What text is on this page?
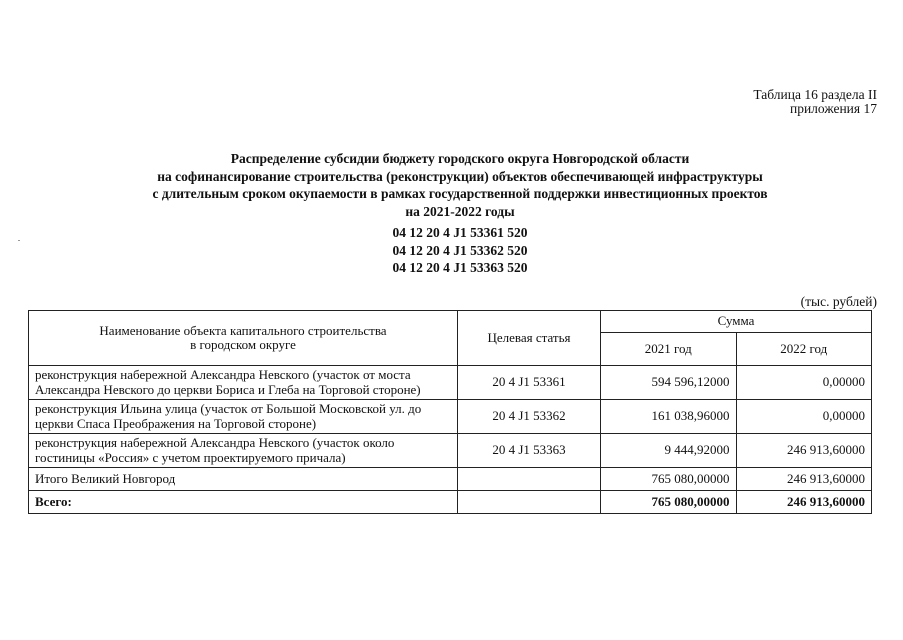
Таблица 16 раздела II
приложения 17
Распределение субсидии бюджету городского округа Новгородской области
на софинансирование строительства (реконструкции) объектов обеспечивающей инфраструктуры
с длительным сроком окупаемости в рамках государственной поддержки инвестиционных проектов
на 2021-2022 годы
04 12 20 4 J1 53361 520
04 12 20 4 J1 53362 520
04 12 20 4 J1 53363 520
(тыс. рублей)
Наименование объекта капитального строительства
в городском округе	Целевая статья	Сумма	
		2021 год	2022 год
реконструкция набережной Александра Невского (участок от моста Александра Невского до церкви Бориса и Глеба на Торговой стороне)	20 4 J1 53361	594 596,12000	0,00000
реконструкция Ильина улица (участок от Большой Московской ул. до церкви Спаса Преображения на Торговой стороне)	20 4 J1 53362	161 038,96000	0,00000
реконструкция набережной Александра Невского (участок около гостиницы «Россия» с учетом проектируемого причала)	20 4 J1 53363	9 444,92000	246 913,60000
Итого Великий Новгород		765 080,00000	246 913,60000
Всего:		765 080,00000	246 913,60000
